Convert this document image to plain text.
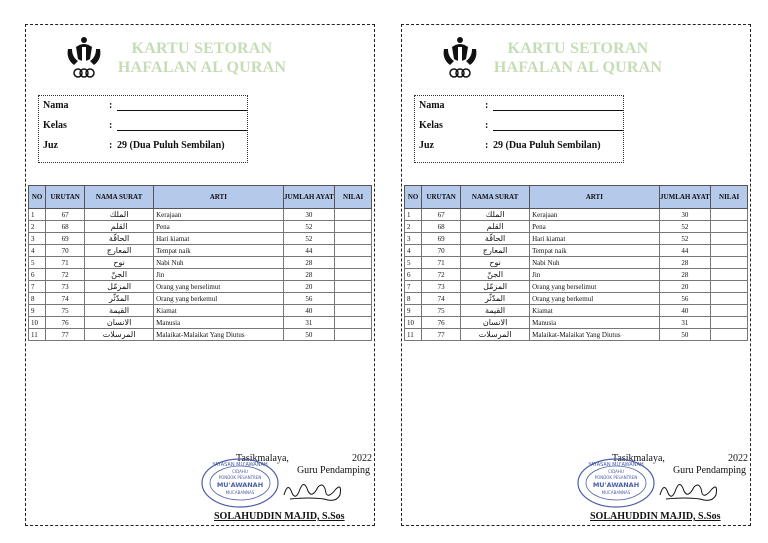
KARTU SETORAN
HAFALAN AL QURAN
Nama	:
Kelas	:
Juz	: 29 (Dua Puluh Sembilan)
NO	URUTAN	NAMA SURAT	ARTI	JUMLAH AYAT	NILAI
1	67	الملك	Kerajaan	30	
2	68	القلم	Pena	52	
3	69	الحاقّة	Hari kiamat	52	
4	70	المعارج	Tempat naik	44	
5	71	نوح	Nabi Nuh	28	
6	72	الجنّ	Jin	28	
7	73	المزمّل	Orang yang berselimut	20	
8	74	المدّثّر	Orang yang berkemul	56	
9	75	القيمة	Kiamat	40	
10	76	الانسان	Manusia	31	
11	77	المرسلات	Malaikat-Malaikat Yang Diutus	50	
Tasikmalaya,	2022
Guru Pendamping
YAYASAN MU'AWANAH
CIDAHU
PONDOK PESANTREN
MU'AWANAH
MUCABANNAS
SOLAHUDDIN MAJID, S.Sos
KARTU SETORAN
HAFALAN AL QURAN
Nama	:
Kelas	:
Juz	: 29 (Dua Puluh Sembilan)
NO	URUTAN	NAMA SURAT	ARTI	JUMLAH AYAT	NILAI
1	67	الملك	Kerajaan	30	
2	68	القلم	Pena	52	
3	69	الحاقّة	Hari kiamat	52	
4	70	المعارج	Tempat naik	44	
5	71	نوح	Nabi Nuh	28	
6	72	الجنّ	Jin	28	
7	73	المزمّل	Orang yang berselimut	20	
8	74	المدّثّر	Orang yang berkemul	56	
9	75	القيمة	Kiamat	40	
10	76	الانسان	Manusia	31	
11	77	المرسلات	Malaikat-Malaikat Yang Diutus	50	
Tasikmalaya,	2022
Guru Pendamping
YAYASAN MU'AWANAH
CIDAHU
PONDOK PESANTREN
MU'AWANAH
MUCABANNAS
SOLAHUDDIN MAJID, S.Sos
